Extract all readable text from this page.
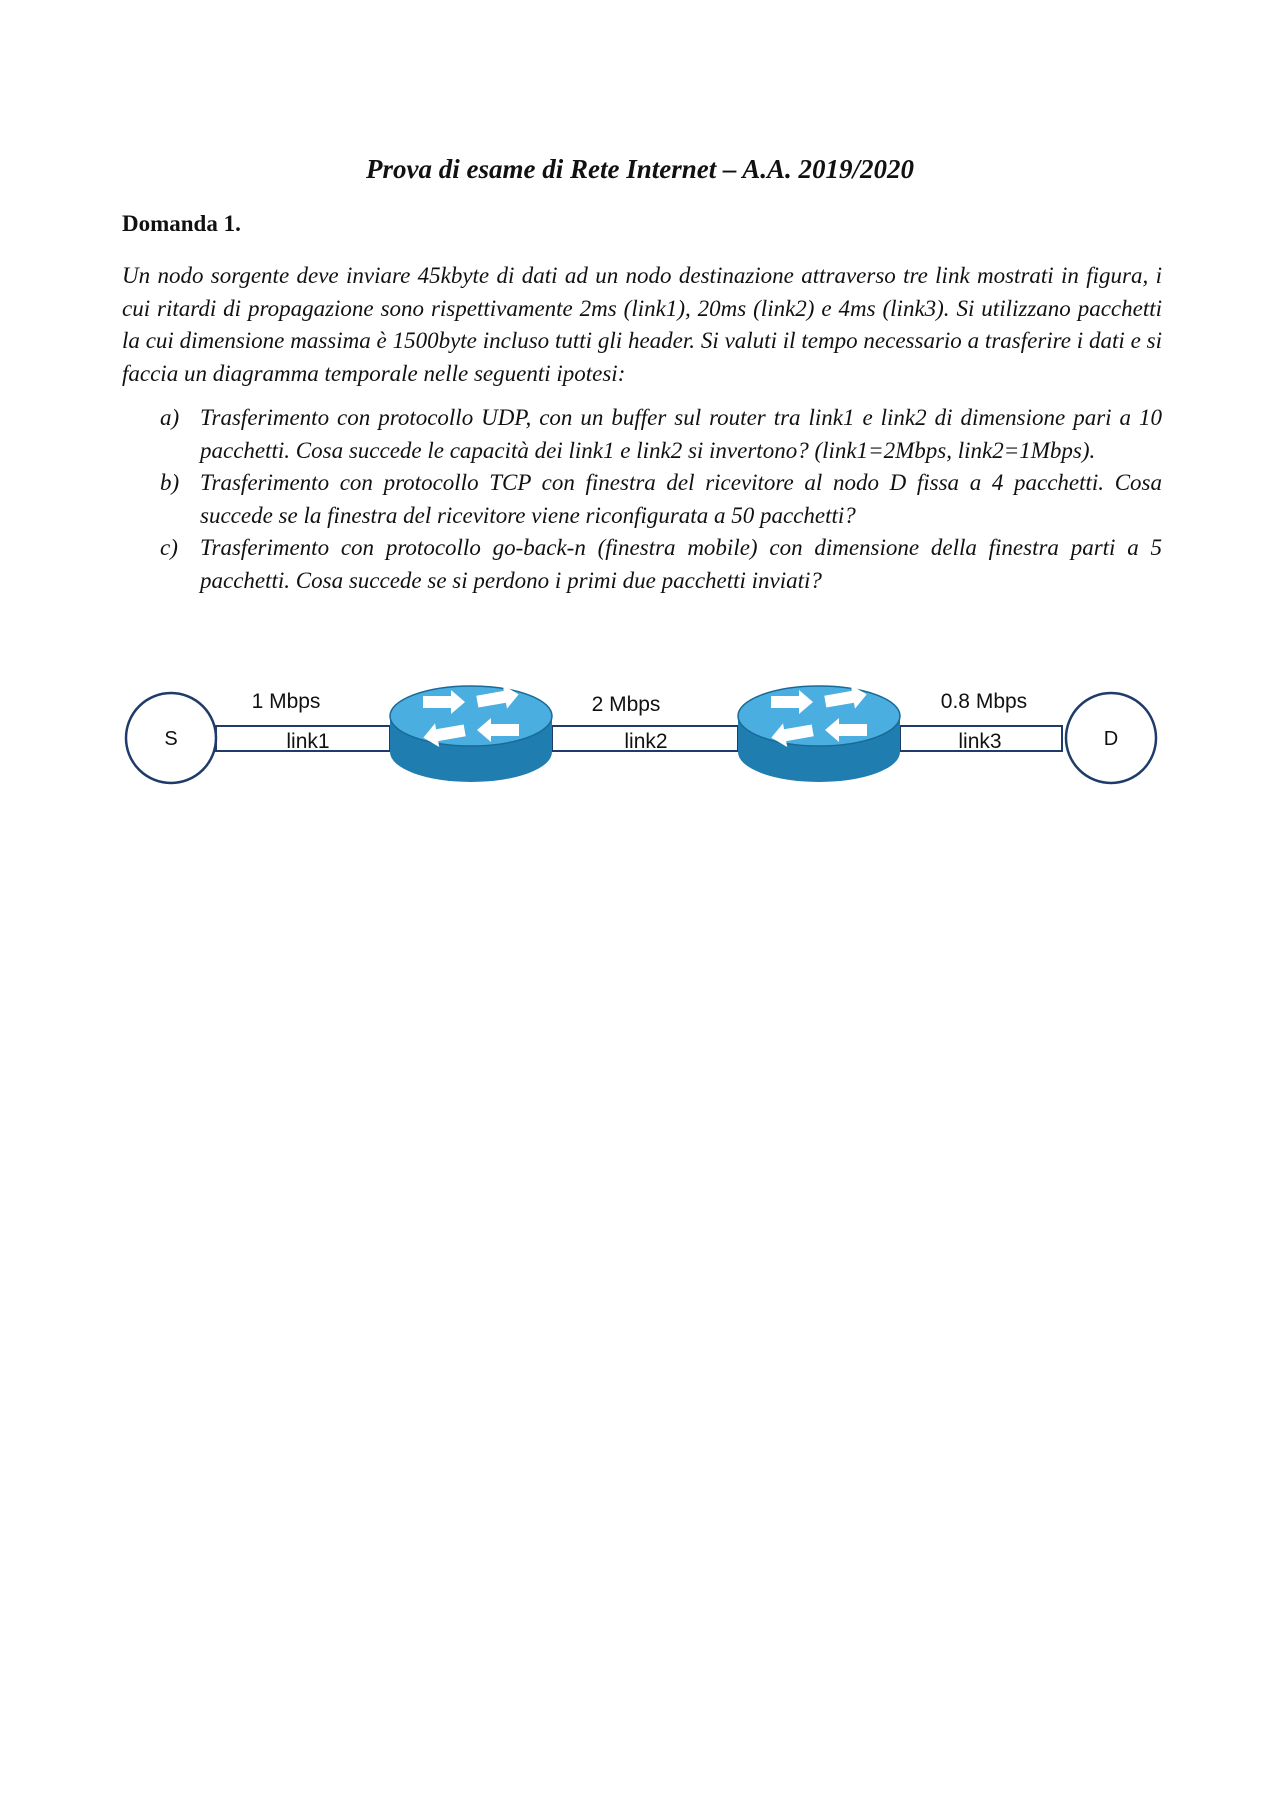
Prova di esame di Rete Internet – A.A. 2019/2020
Domanda 1.

Un nodo sorgente deve inviare 45kbyte di dati ad un nodo destinazione attraverso tre link mostrati in figura, i cui ritardi di propagazione sono rispettivamente 2ms (link1), 20ms (link2) e 4ms (link3). Si utilizzano pacchetti la cui dimensione massima è 1500byte incluso tutti gli header. Si valuti il tempo necessario a trasferire i dati e si faccia un diagramma temporale nelle seguenti ipotesi:

a) Trasferimento con protocollo UDP, con un buffer sul router tra link1 e link2 di dimensione pari a 10 pacchetti. Cosa succede le capacità dei link1 e link2 si invertono? (link1=2Mbps, link2=1Mbps).
b) Trasferimento con protocollo TCP con finestra del ricevitore al nodo D fissa a 4 pacchetti. Cosa succede se la finestra del ricevitore viene riconfigurata a 50 pacchetti?
c) Trasferimento con protocollo go-back-n (finestra mobile) con dimensione della finestra parti a 5 pacchetti. Cosa succede se si perdono i primi due pacchetti inviati?
S	D
1 Mbps	2 Mbps	0.8 Mbps
link1	link2	link3
